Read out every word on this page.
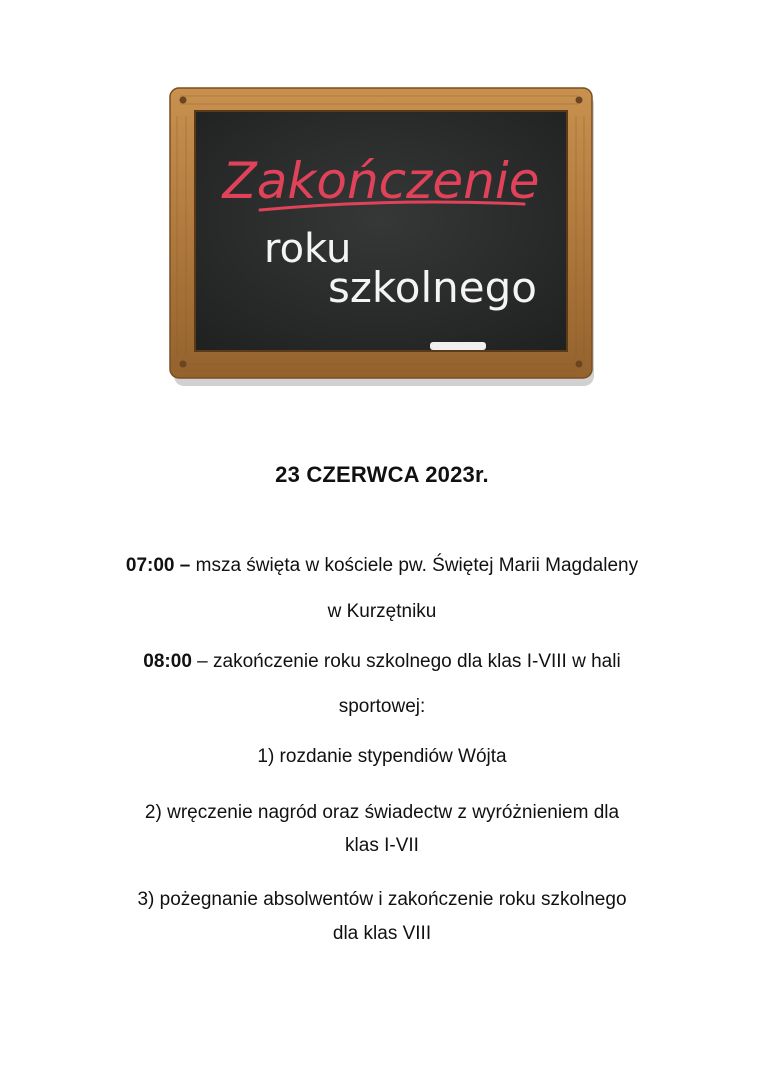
Zakończenie
roku
szkolnego
23 CZERWCA 2023r.
07:00 – msza święta w kościele pw. Świętej Marii Magdaleny
w Kurzętniku
08:00 – zakończenie roku szkolnego dla klas I-VIII w hali
sportowej:
1) rozdanie stypendiów Wójta
2) wręczenie nagród oraz świadectw z wyróżnieniem dla
klas I-VII
3) pożegnanie absolwentów i zakończenie roku szkolnego
dla klas VIII
